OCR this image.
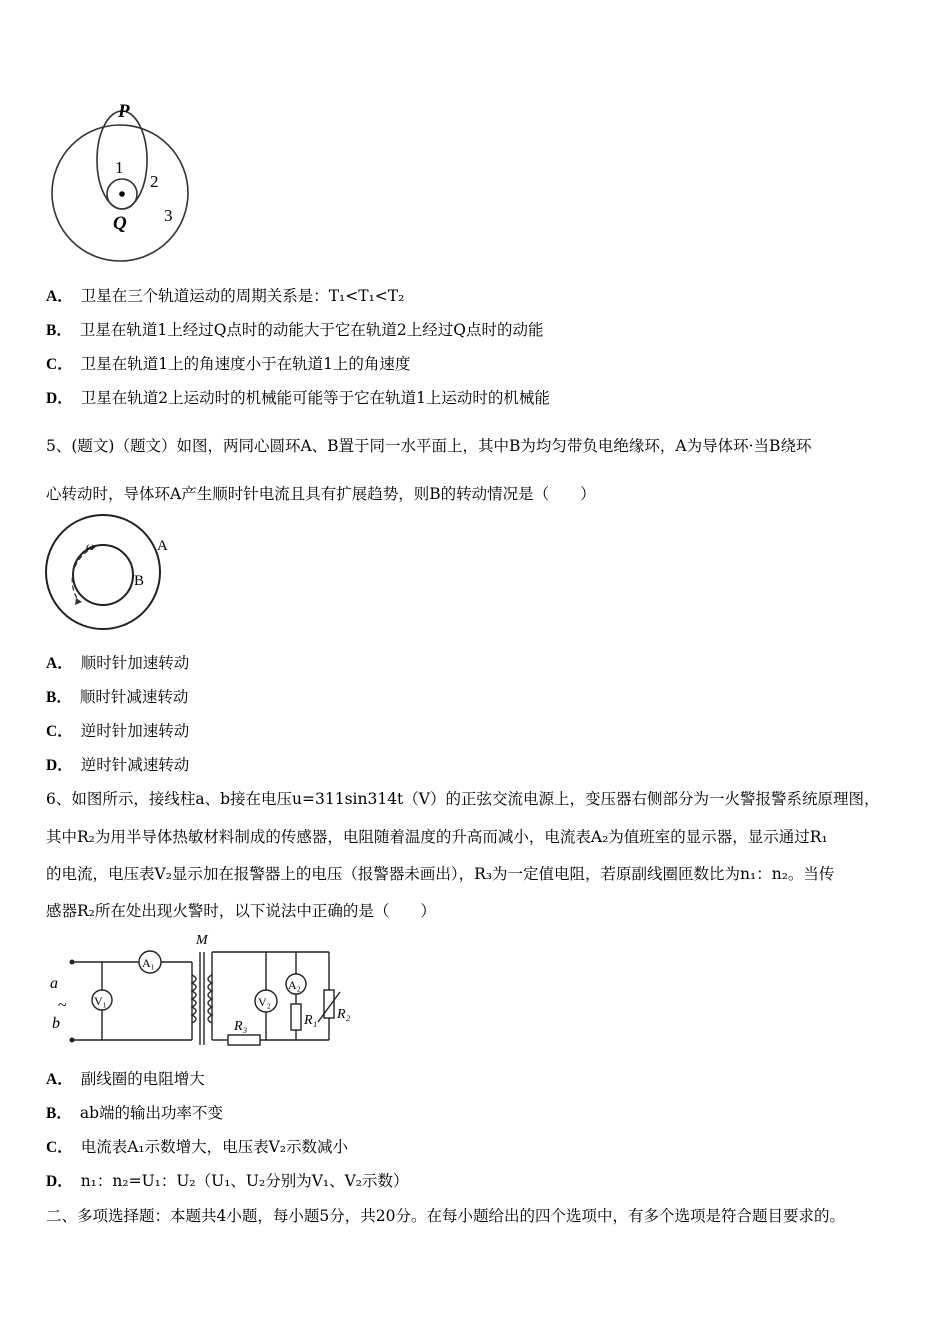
P
1
2
Q 3
A． 卫星在三个轨道运动的周期关系是：T₁<T₁<T₂
B． 卫星在轨道1上经过Q点时的动能大于它在轨道2上经过Q点时的动能
C． 卫星在轨道1上的角速度小于在轨道1上的角速度
D． 卫星在轨道2上运动时的机械能可能等于它在轨道1上运动时的机械能
5、(题文)（题文）如图，两同心圆环A、B置于同一水平面上，其中B为均匀带负电绝缘环，A为导体环·当B绕环
心转动时，导体环A产生顺时针电流且具有扩展趋势，则B的转动情况是（　　）
ω	A
B
A． 顺时针加速转动
B． 顺时针减速转动
C． 逆时针加速转动
D． 逆时针减速转动
6、如图所示，接线柱a、b接在电压u=311sin314t（V）的正弦交流电源上，变压器右侧部分为一火警报警系统原理图，
其中R₂为用半导体热敏材料制成的传感器，电阻随着温度的升高而减小，电流表A₂为值班室的显示器，显示通过R₁
的电流，电压表V₂显示加在报警器上的电压（报警器未画出），R₃为一定值电阻，若原副线圈匝数比为n₁：n₂。当传
感器R₂所在处出现火警时，以下说法中正确的是（　　）
M
a
~
b
A₁
V₁	V₂
A₂
R₁ R₂
R₃
A． 副线圈的电阻增大
B． ab端的输出功率不变
C． 电流表A₁示数增大，电压表V₂示数减小
D． n₁：n₂=U₁：U₂（U₁、U₂分别为V₁、V₂示数）
二、多项选择题：本题共4小题，每小题5分，共20分。在每小题给出的四个选项中，有多个选项是符合题目要求的。
